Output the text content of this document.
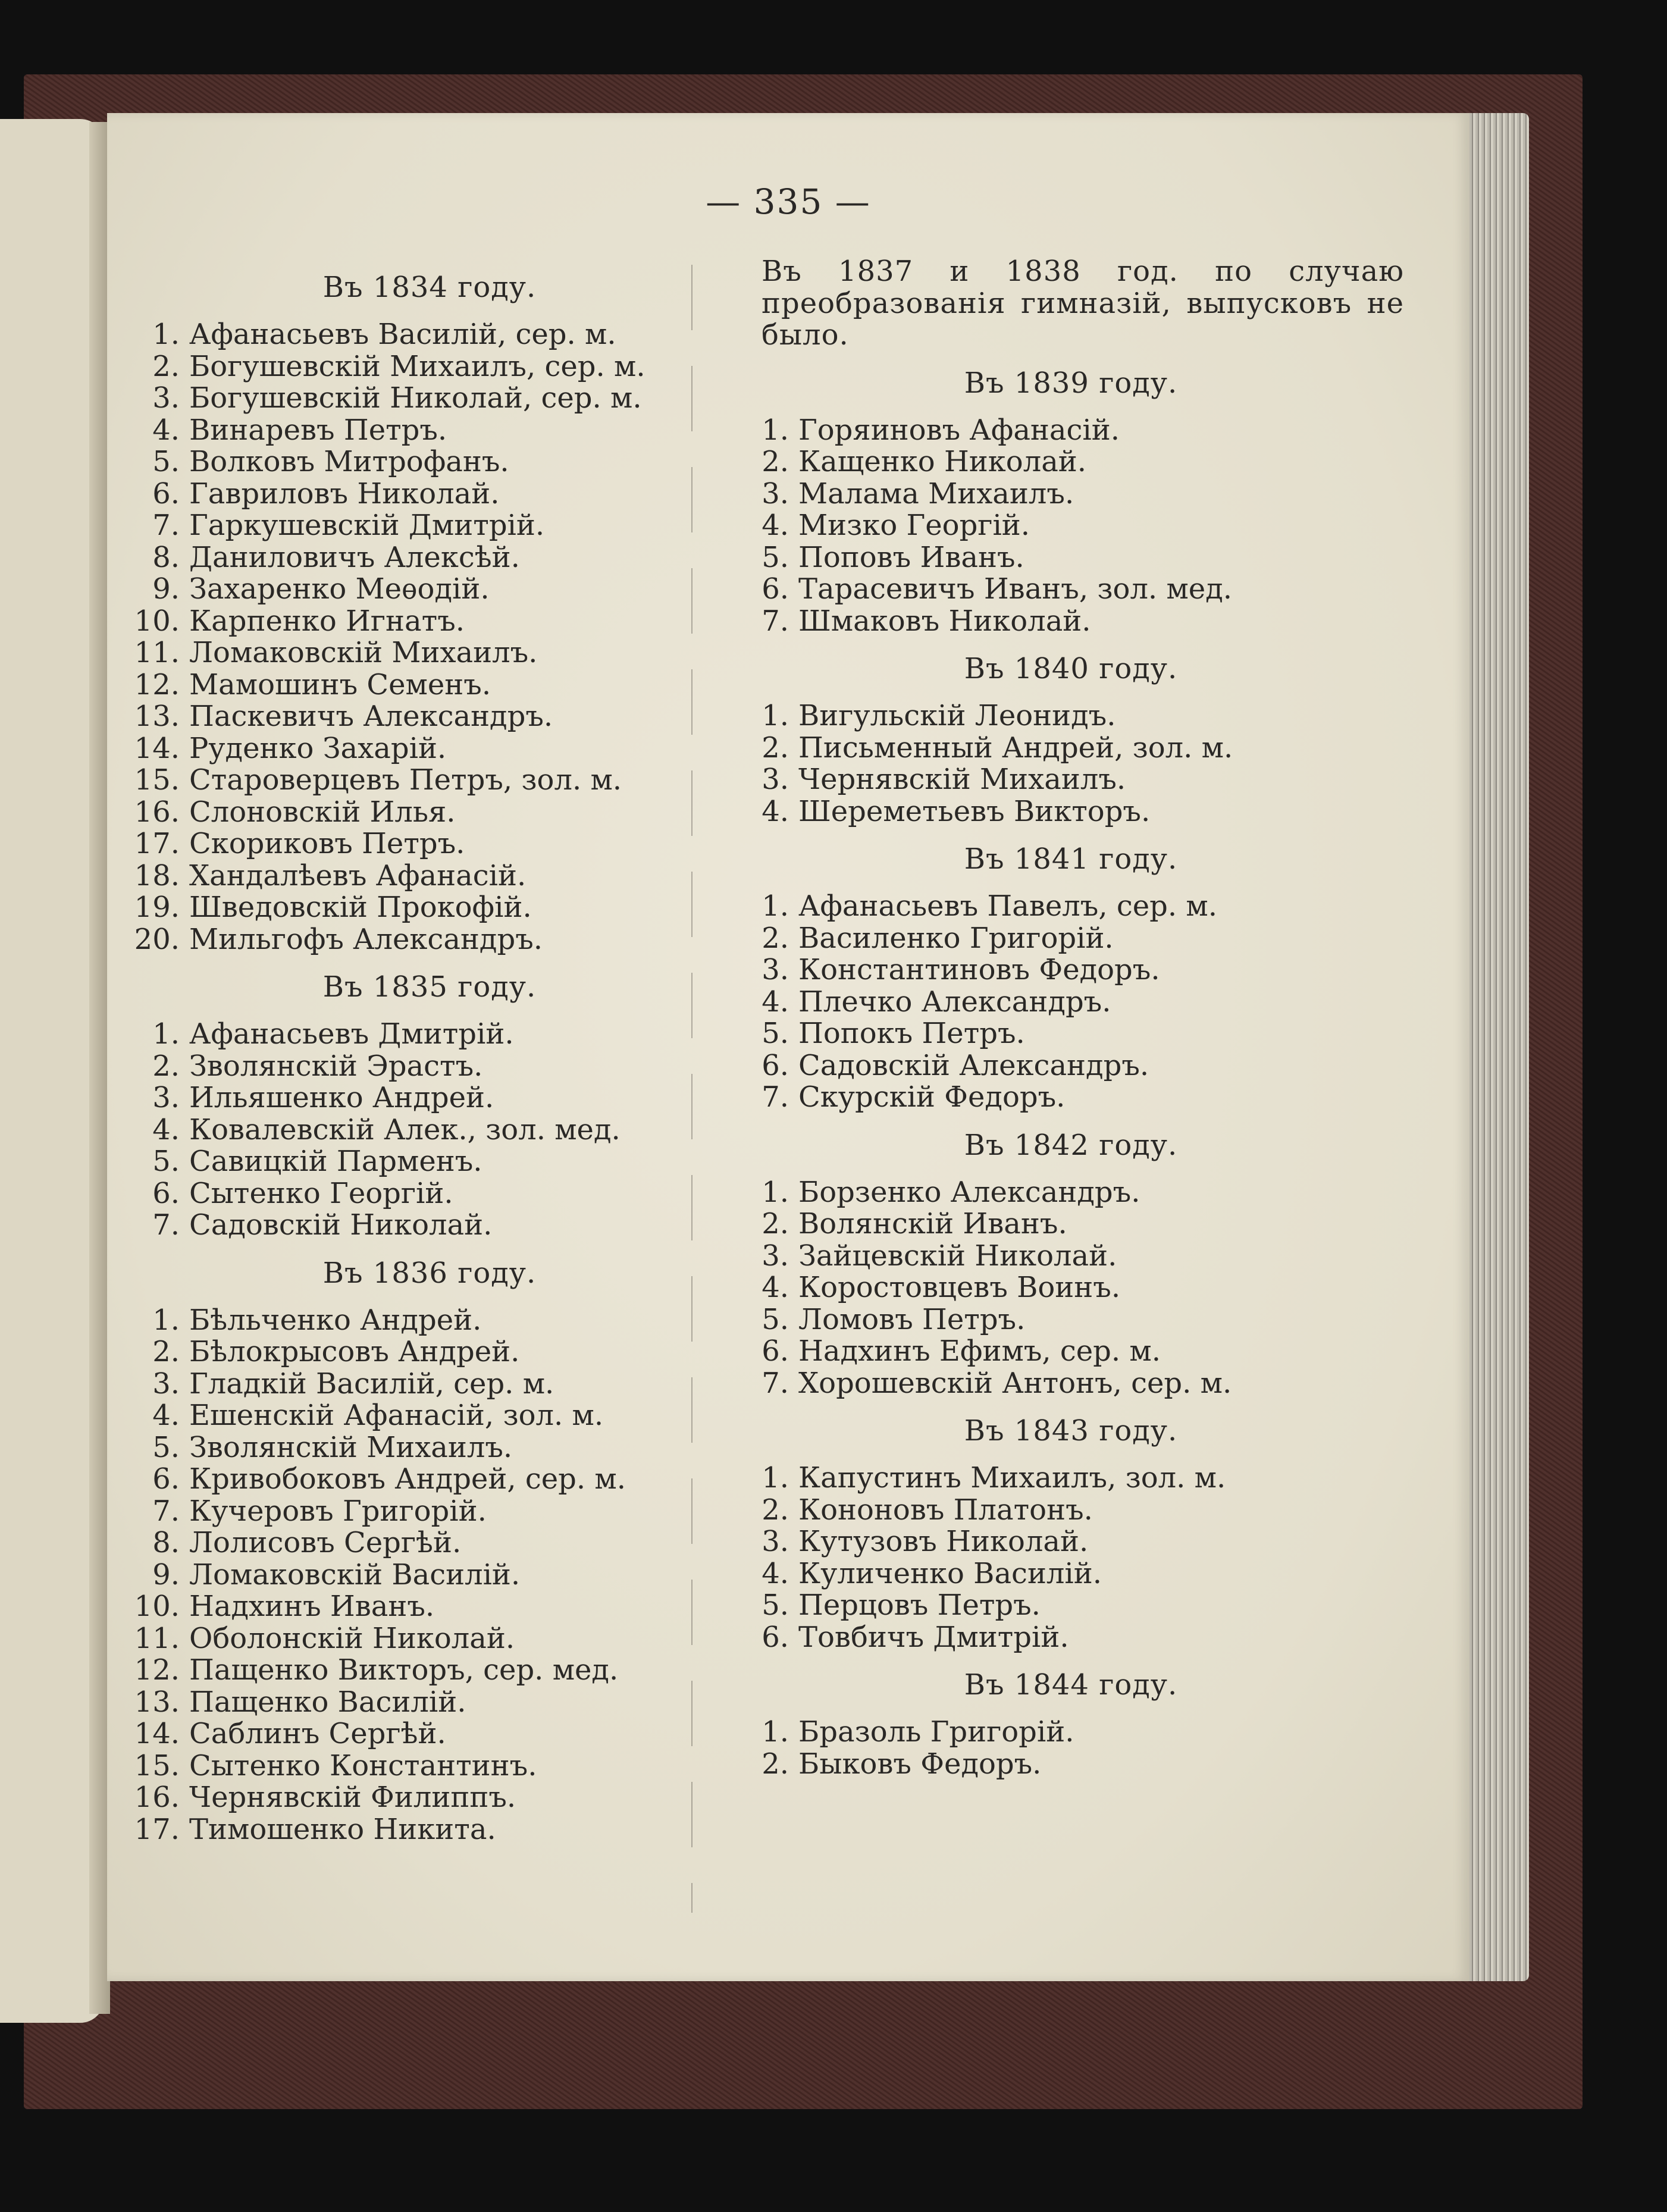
— 335 —
Въ 1834 году.
1. Афанасьевъ Василій, сер. м.
2. Богушевскій Михаилъ, сер. м.
3. Богушевскій Николай, сер. м.
4. Винаревъ Петръ.
5. Волковъ Митрофанъ.
6. Гавриловъ Николай.
7. Гаркушевскій Дмитрій.
8. Даниловичъ Алексѣй.
9. Захаренко Меѳодій.
10. Карпенко Игнатъ.
11. Ломаковскій Михаилъ.
12. Мамошинъ Семенъ.
13. Паскевичъ Александръ.
14. Руденко Захарій.
15. Староверцевъ Петръ, зол. м.
16. Слоновскій Илья.
17. Скориковъ Петръ.
18. Хандалѣевъ Афанасій.
19. Шведовскій Прокофій.
20. Мильгофъ Александръ.
Въ 1835 году.
1. Афанасьевъ Дмитрій.
2. Зволянскій Эрастъ.
3. Ильяшенко Андрей.
4. Ковалевскій Алек., зол. мед.
5. Савицкій Парменъ.
6. Сытенко Георгій.
7. Садовскій Николай.
Въ 1836 году.
1. Бѣльченко Андрей.
2. Бѣлокрысовъ Андрей.
3. Гладкій Василій, сер. м.
4. Ешенскій Афанасій, зол. м.
5. Зволянскій Михаилъ.
6. Кривобоковъ Андрей, сер. м.
7. Кучеровъ Григорій.
8. Лолисовъ Сергѣй.
9. Ломаковскій Василій.
10. Надхинъ Иванъ.
11. Оболонскій Николай.
12. Пащенко Викторъ, сер. мед.
13. Пащенко Василій.
14. Саблинъ Сергѣй.
15. Сытенко Константинъ.
16. Чернявскій Филиппъ.
17. Тимошенко Никита.
Въ 1837 и 1838 год. по случаю преобразованія гимназій, выпусковъ не было.
Въ 1839 году.
1. Горяиновъ Афанасій.
2. Кащенко Николай.
3. Малама Михаилъ.
4. Мизко Георгій.
5. Поповъ Иванъ.
6. Тарасевичъ Иванъ, зол. мед.
7. Шмаковъ Николай.
Въ 1840 году.
1. Вигульскій Леонидъ.
2. Письменный Андрей, зол. м.
3. Чернявскій Михаилъ.
4. Шереметьевъ Викторъ.
Въ 1841 году.
1. Афанасьевъ Павелъ, сер. м.
2. Василенко Григорій.
3. Константиновъ Федоръ.
4. Плечко Александръ.
5. Попокъ Петръ.
6. Садовскій Александръ.
7. Скурскій Федоръ.
Въ 1842 году.
1. Борзенко Александръ.
2. Волянскій Иванъ.
3. Зайцевскій Николай.
4. Коростовцевъ Воинъ.
5. Ломовъ Петръ.
6. Надхинъ Ефимъ, сер. м.
7. Хорошевскій Антонъ, сер. м.
Въ 1843 году.
1. Капустинъ Михаилъ, зол. м.
2. Кононовъ Платонъ.
3. Кутузовъ Николай.
4. Куличенко Василій.
5. Перцовъ Петръ.
6. Товбичъ Дмитрій.
Въ 1844 году.
1. Бразоль Григорій.
2. Быковъ Федоръ.
